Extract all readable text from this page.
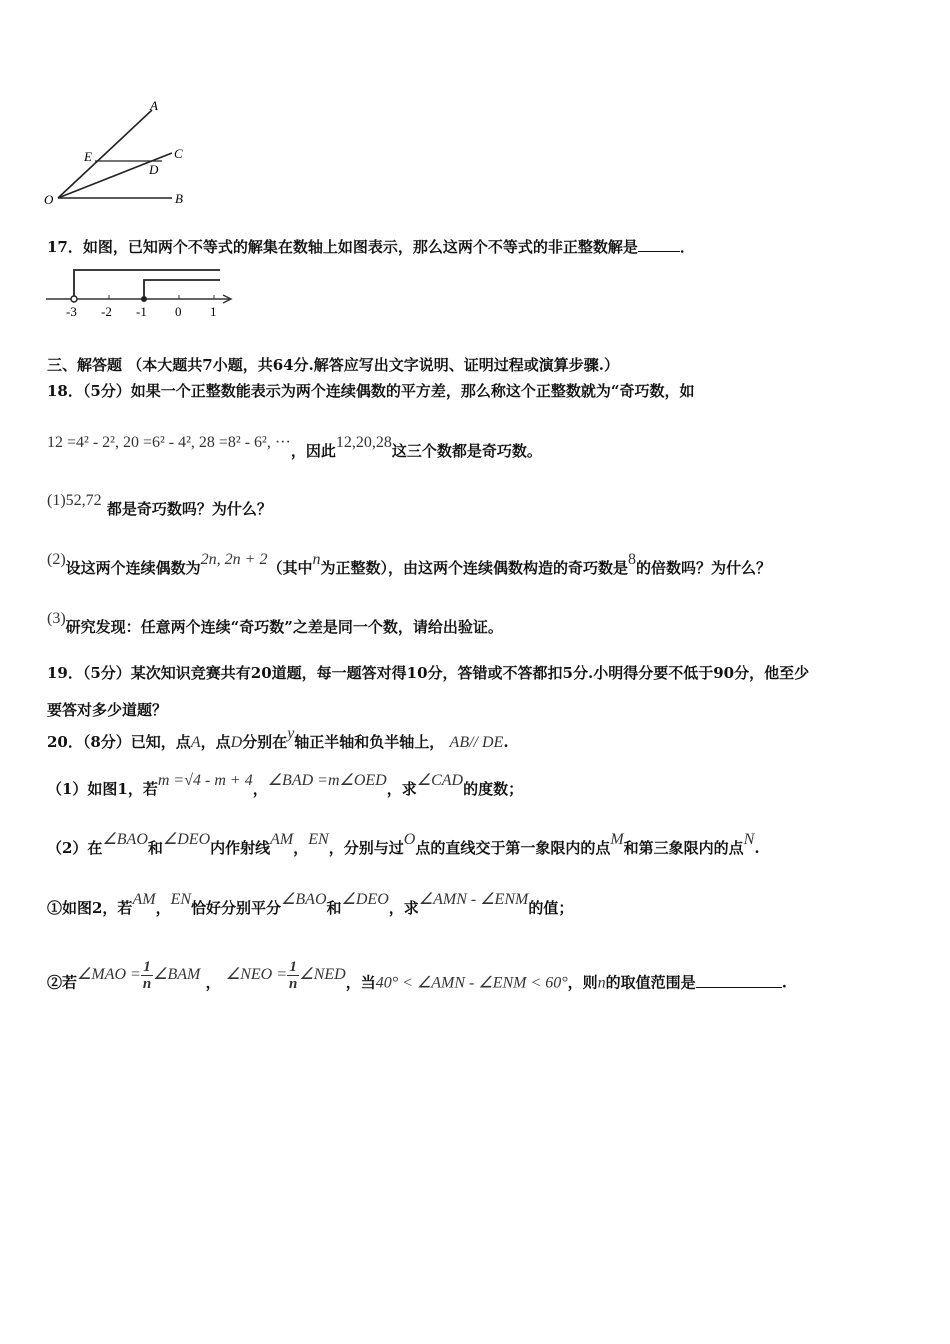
A
C
E
D
O	B
17．如图，已知两个不等式的解集在数轴上如图表示，那么这两个不等式的非正整数解是	．
-3 -2 -1 0 1
三、解答题 （本大题共7小题，共64分.解答应写出文字说明、证明过程或演算步骤.）
18．（5分）如果一个正整数能表示为两个连续偶数的平方差，那么称这个正整数就为“奇巧数，如
12 =4² - 2², 20 =6² - 4², 28 =8² - 6², ···，因此12,20,28这三个数都是奇巧数。
(1)52,72 都是奇巧数吗？为什么？
(2)设这两个连续偶数为2n, 2n + 2（其中n为正整数），由这两个连续偶数构造的奇巧数是8的倍数吗？为什么？
(3)研究发现：任意两个连续“奇巧数”之差是同一个数，请给出验证。
19．（5分）某次知识竞赛共有20道题，每一题答对得10分，答错或不答都扣5分.小明得分要不低于90分，他至少
要答对多少道题？
20．（8分）已知，点A，点D分别在y轴正半轴和负半轴上， AB// DE.
（1）如图1，若m =√4 - m + 4，∠BAD =m∠OED，求∠CAD的度数；
（2）在∠BAO和∠DEO内作射线AM，EN，分别与过O点的直线交于第一象限内的点M和第三象限内的点N.
①如图2，若AM，EN恰好分别平分∠BAO和∠DEO，求∠AMN - ∠ENM的值；
②若∠MAO = $\frac{1}{n}$ ∠BAM ， ∠NEO = $\frac{1}{n}$ ∠NED，当40° < ∠AMN - ∠ENM < 60°，则n的取值范围是	.
